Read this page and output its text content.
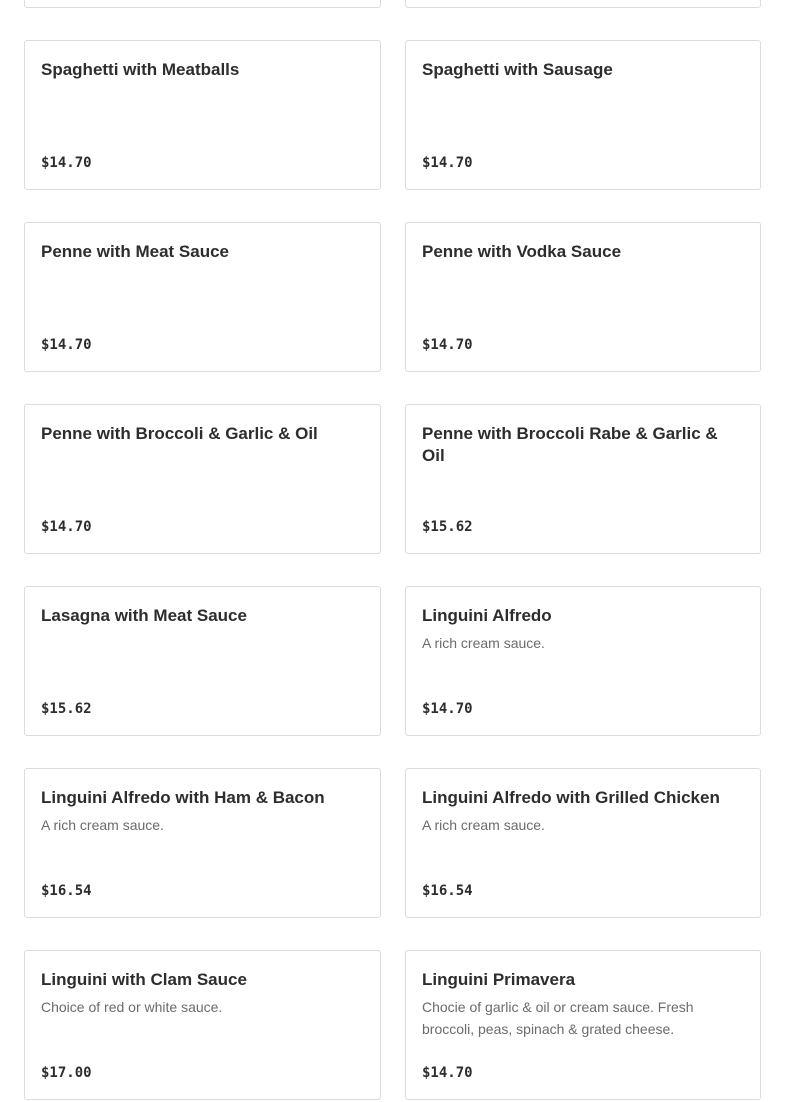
Spaghetti with Meatballs
$14.70
Spaghetti with Sausage
$14.70
Penne with Meat Sauce
$14.70
Penne with Vodka Sauce
$14.70
Penne with Broccoli & Garlic & Oil
$14.70
Penne with Broccoli Rabe & Garlic & Oil
$15.62
Lasagna with Meat Sauce
$15.62
Linguini Alfredo
A rich cream sauce.
$14.70
Linguini Alfredo with Ham & Bacon
A rich cream sauce.
$16.54
Linguini Alfredo with Grilled Chicken
A rich cream sauce.
$16.54
Linguini with Clam Sauce
Choice of red or white sauce.
$17.00
Linguini Primavera
Chocie of garlic & oil or cream sauce. Fresh broccoli, peas, spinach & grated cheese.
$14.70
